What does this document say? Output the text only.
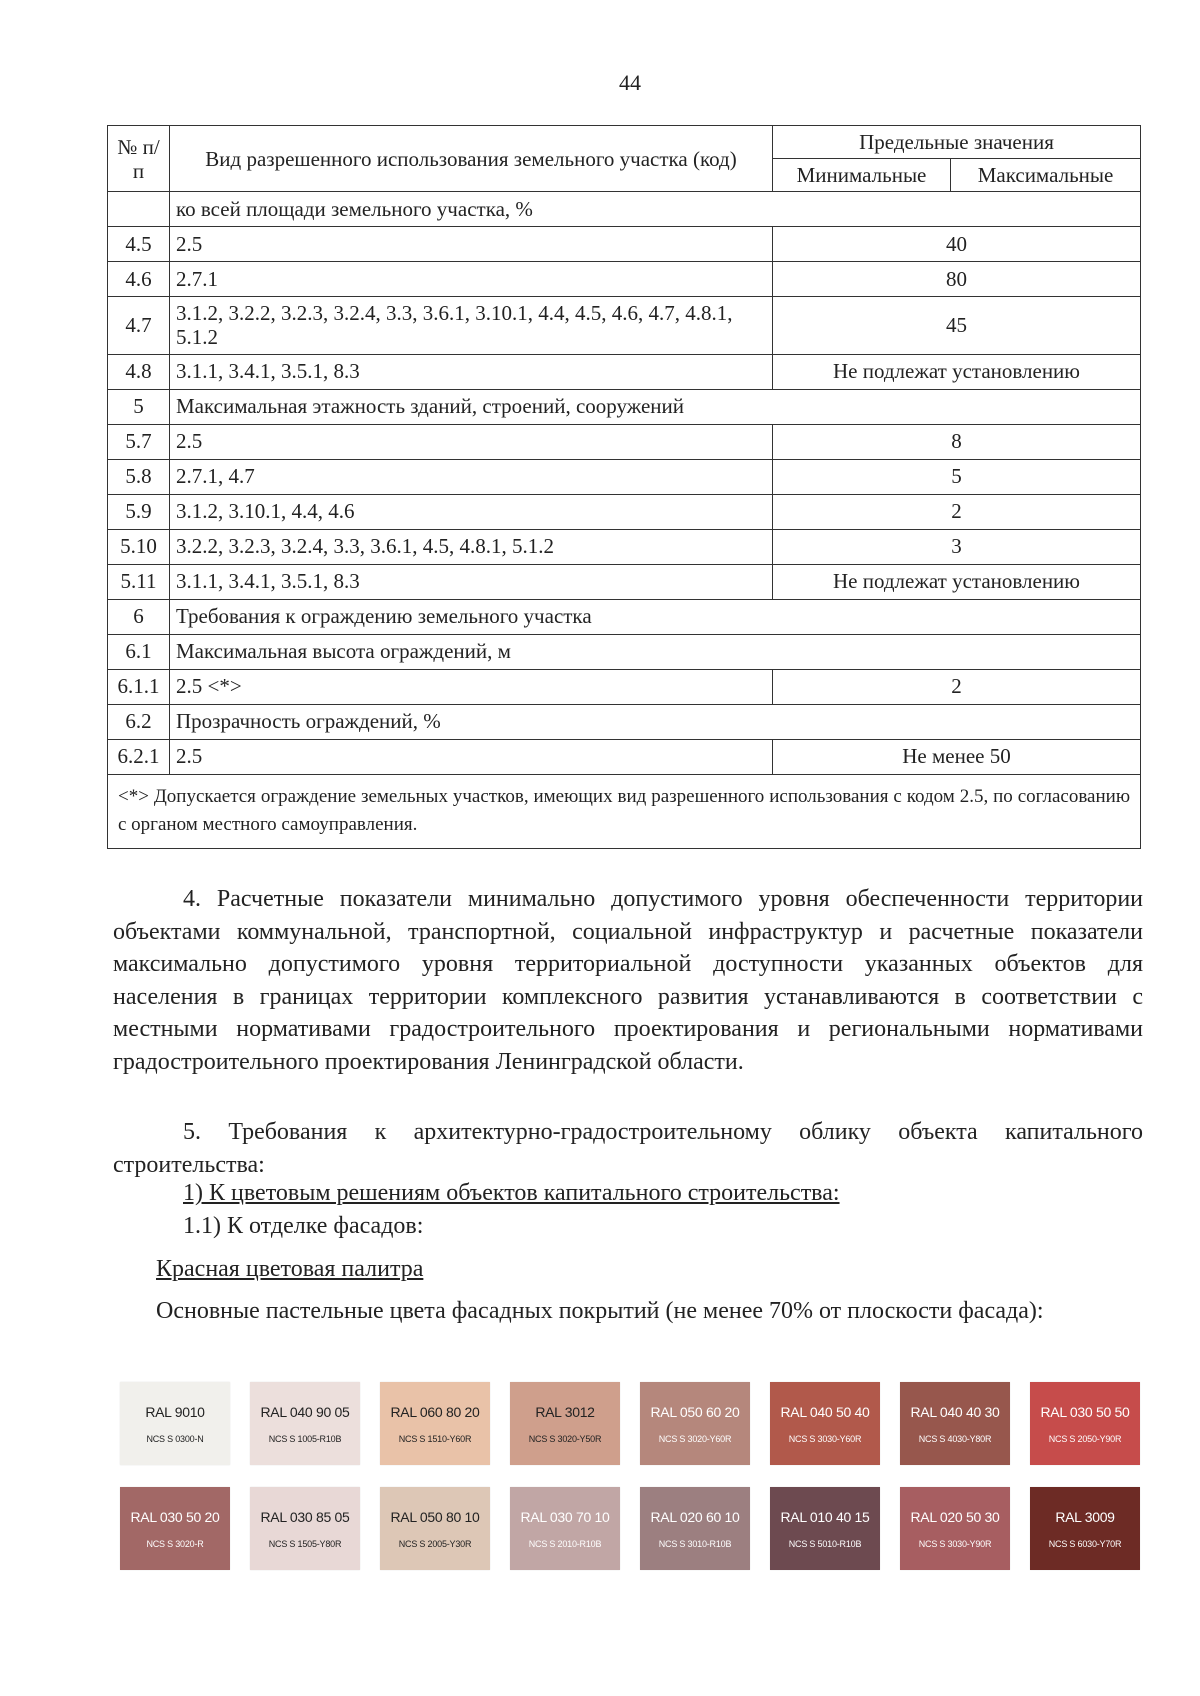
44
№ п/п	Вид разрешенного использования земельного участка (код)	Предельные значения	
		Минимальные	Максимальные
	ко всей площади земельного участка, %		
4.5	2.5	40	
4.6	2.7.1	80	
4.7	3.1.2, 3.2.2, 3.2.3, 3.2.4, 3.3, 3.6.1, 3.10.1, 4.4, 4.5, 4.6, 4.7, 4.8.1, 5.1.2	45	
4.8	3.1.1, 3.4.1, 3.5.1, 8.3	Не подлежат установлению	
5	Максимальная этажность зданий, строений, сооружений		
5.7	2.5	8	
5.8	2.7.1, 4.7	5	
5.9	3.1.2, 3.10.1, 4.4, 4.6	2	
5.10	3.2.2, 3.2.3, 3.2.4, 3.3, 3.6.1, 4.5, 4.8.1, 5.1.2	3	
5.11	3.1.1, 3.4.1, 3.5.1, 8.3	Не подлежат установлению	
6	Требования к ограждению земельного участка		
6.1	Максимальная высота ограждений, м		
6.1.1	2.5 <*>	2	
6.2	Прозрачность ограждений, %		
6.2.1	2.5	Не менее 50	
<*> Допускается ограждение земельных участков, имеющих вид разрешенного использования с кодом 2.5, по согласованию с органом местного самоуправления.			
4. Расчетные показатели минимально допустимого уровня обеспеченности территории объектами коммунальной, транспортной, социальной инфраструктур и расчетные показатели максимально допустимого уровня территориальной доступности указанных объектов для населения в границах территории комплексного развития устанавливаются в соответствии с местными нормативами градостроительного проектирования и региональными нормативами градостроительного проектирования Ленинградской области.
5. Требования к архитектурно-градостроительному облику объекта капитального строительства:
1) К цветовым решениям объектов капитального строительства:
1.1) К отделке фасадов:
Красная цветовая палитра
Основные пастельные цвета фасадных покрытий (не менее 70% от плоскости фасада):
RAL 9010
NCS S 0300-N
RAL 040 90 05
NCS S 1005-R10B
RAL 060 80 20
NCS S 1510-Y60R
RAL 3012
NCS S 3020-Y50R
RAL 050 60 20
NCS S 3020-Y60R
RAL 040 50 40
NCS S 3030-Y60R
RAL 040 40 30
NCS S 4030-Y80R
RAL 030 50 50
NCS S 2050-Y90R
RAL 030 50 20
NCS S 3020-R
RAL 030 85 05
NCS S 1505-Y80R
RAL 050 80 10
NCS S 2005-Y30R
RAL 030 70 10
NCS S 2010-R10B
RAL 020 60 10
NCS S 3010-R10B
RAL 010 40 15
NCS S 5010-R10B
RAL 020 50 30
NCS S 3030-Y90R
RAL 3009
NCS S 6030-Y70R
